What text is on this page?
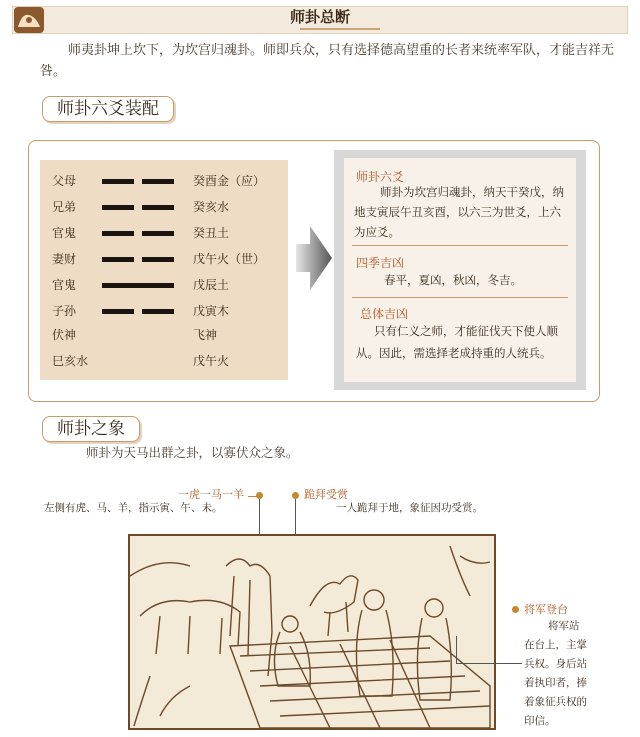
师卦总断
师夷卦坤上坎下，为坎宫归魂卦。师即兵众，只有选择德高望重的长者来统率军队，才能吉祥无咎。
师卦六爻装配
父母	癸酉金（应）
兄弟	癸亥水
官鬼	癸丑土
妻财	戊午火（世）
官鬼	戊辰土
子孙	戊寅木
伏神	飞神
巳亥水	戊午火
师卦六爻
师卦为坎宫归魂卦，纳天干癸戊，纳地支寅辰午丑亥酉，以六三为世爻，上六为应爻。
四季吉凶
春平，夏凶，秋凶，冬吉。
总体吉凶
只有仁义之师，才能征伐天下使人顺从。因此，需选择老成持重的人统兵。
师卦之象
师卦为天马出群之卦，以寡伏众之象。
一虎一马一羊
左侧有虎、马、羊，指示寅、午、未。
跪拜受赏
一人跪拜于地，象征因功受赏。
将军登台
将军站
在台上，主掌
兵权。身后站
着执印者，捧
着象征兵权的
印信。
